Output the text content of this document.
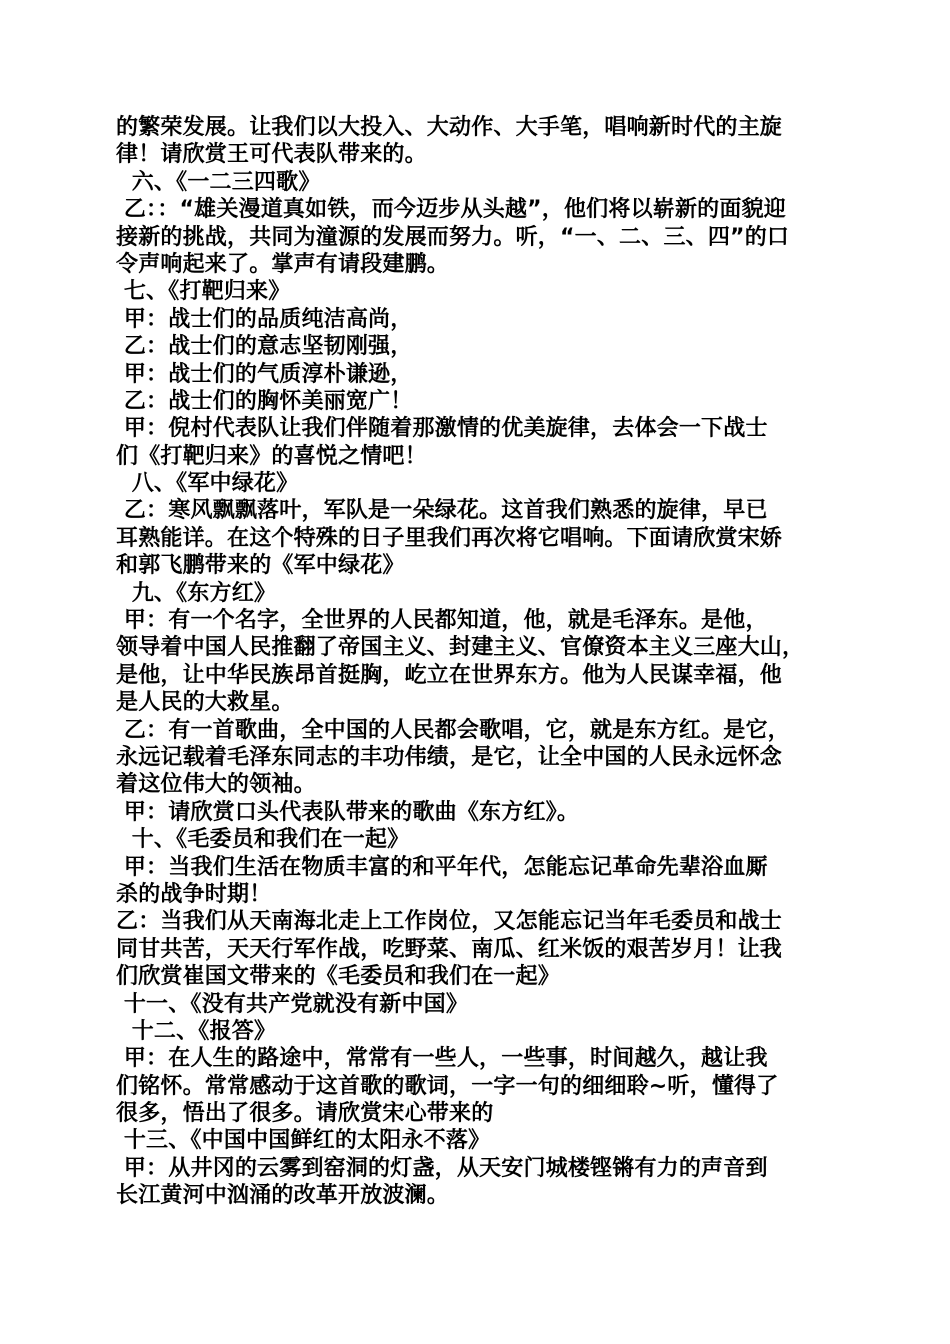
的繁荣发展。让我们以大投入、大动作、大手笔，唱响新时代的主旋
律！请欣赏王可代表队带来的。
六、《一二三四歌》
乙：：“雄关漫道真如铁，而今迈步从头越”，他们将以崭新的面貌迎
接新的挑战，共同为潼源的发展而努力。听，“一、二、三、四”的口
令声响起来了。掌声有请段建鹏。
七、《打靶归来》
甲：战士们的品质纯洁高尚，
乙：战士们的意志坚韧刚强，
甲：战士们的气质淳朴谦逊，
乙：战士们的胸怀美丽宽广！
甲：倪村代表队让我们伴随着那激情的优美旋律，去体会一下战士
们《打靶归来》的喜悦之情吧！
八、《军中绿花》
乙：寒风飘飘落叶，军队是一朵绿花。这首我们熟悉的旋律，早已
耳熟能详。在这个特殊的日子里我们再次将它唱响。下面请欣赏宋娇
和郭飞鹏带来的《军中绿花》
九、《东方红》
甲：有一个名字，全世界的人民都知道，他，就是毛泽东。是他，
领导着中国人民推翻了帝国主义、封建主义、官僚资本主义三座大山，
是他，让中华民族昂首挺胸，屹立在世界东方。他为人民谋幸福，他
是人民的大救星。
乙：有一首歌曲，全中国的人民都会歌唱，它，就是东方红。是它，
永远记载着毛泽东同志的丰功伟绩，是它，让全中国的人民永远怀念
着这位伟大的领袖。
甲：请欣赏口头代表队带来的歌曲《东方红》。
十、《毛委员和我们在一起》
甲：当我们生活在物质丰富的和平年代，怎能忘记革命先辈浴血厮
杀的战争时期！
乙：当我们从天南海北走上工作岗位，又怎能忘记当年毛委员和战士
同甘共苦，天天行军作战，吃野菜、南瓜、红米饭的艰苦岁月！让我
们欣赏崔国文带来的《毛委员和我们在一起》
十一、《没有共产党就没有新中国》
十二、《报答》
甲：在人生的路途中，常常有一些人，一些事，时间越久，越让我
们铭怀。常常感动于这首歌的歌词，一字一句的细细聆~听，懂得了
很多，悟出了很多。请欣赏宋心带来的
十三、《中国中国鲜红的太阳永不落》
甲：从井冈的云雾到窑洞的灯盏，从天安门城楼铿锵有力的声音到
长江黄河中汹涌的改革开放波澜。
